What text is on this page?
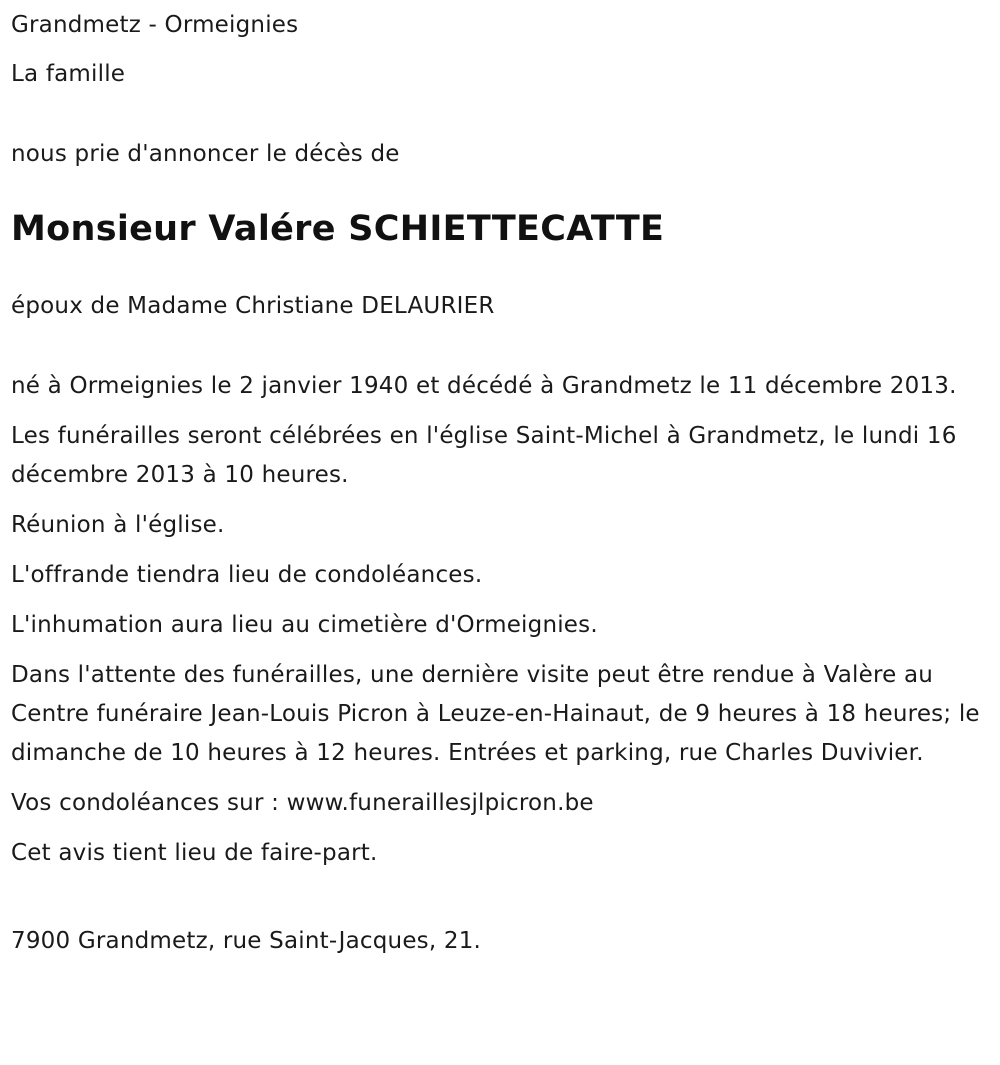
Grandmetz - Ormeignies

La famille

nous prie d'annoncer le décès de

Monsieur Valére SCHIETTECATTE

époux de Madame Christiane DELAURIER

né à Ormeignies le 2 janvier 1940 et décédé à Grandmetz le 11 décembre 2013.

Les funérailles seront célébrées en l'église Saint-Michel à Grandmetz, le lundi 16 décembre 2013 à 10 heures.

Réunion à l'église.

L'offrande tiendra lieu de condoléances.

L'inhumation aura lieu au cimetière d'Ormeignies.

Dans l'attente des funérailles, une dernière visite peut être rendue à Valère au Centre funéraire Jean-Louis Picron à Leuze-en-Hainaut, de 9 heures à 18 heures; le dimanche de 10 heures à 12 heures. Entrées et parking, rue Charles Duvivier.

Vos condoléances sur : www.funeraillesjlpicron.be

Cet avis tient lieu de faire-part.

7900 Grandmetz, rue Saint-Jacques, 21.
